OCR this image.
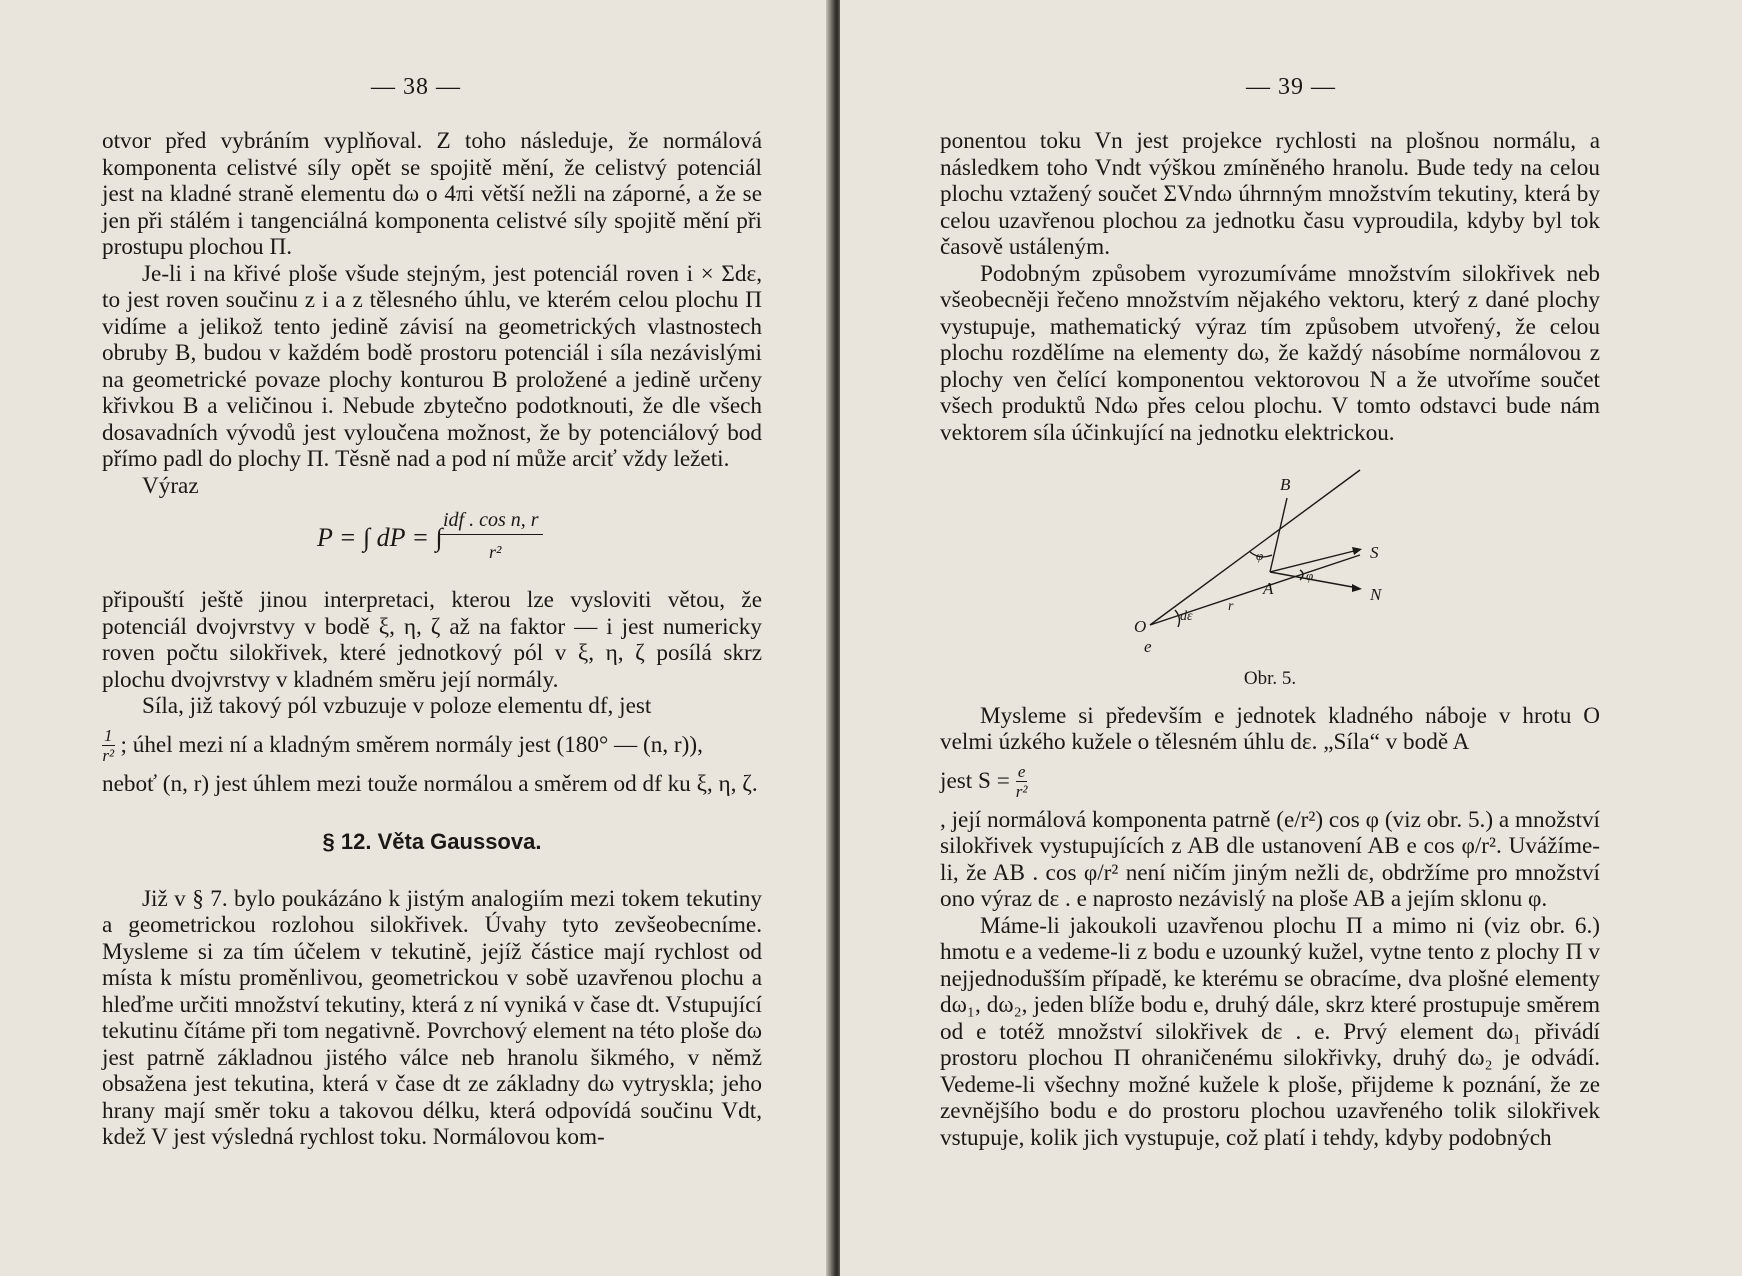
— 38 —

otvor před vybráním vyplňoval. Z toho následuje, že normálová komponenta celistvé síly opět se spojitě mění, že celistvý potenciál jest na kladné straně elementu dω o 4πi větší nežli na záporné, a že se jen při stálém i tangenciálná komponenta celistvé síly spojitě mění při prostupu plochou Π.

Je-li i na křivé ploše všude stejným, jest potenciál roven i × Σdε, to jest roven součinu z i a z tělesného úhlu, ve kterém celou plochu Π vidíme a jelikož tento jedině závisí na geometrických vlastnostech obruby B, budou v každém bodě prostoru potenciál i síla nezávislými na geometrické povaze plochy konturou B proložené a jedině určeny křivkou B a veličinou i. Nebude zbytečno podotknouti, že dle všech dosavadních vývodů jest vyloučena možnost, že by potenciálový bod přímo padl do plochy Π. Těsně nad a pod ní může arciť vždy ležeti.

Výraz

P = ∫ dP = ∫
idf . cos n, r
r²

připouští ještě jinou interpretaci, kterou lze vysloviti větou, že potenciál dvojvrstvy v bodě ξ, η, ζ až na faktor — i jest numericky roven počtu silokřivek, které jednotkový pól v ξ, η, ζ posílá skrz plochu dvojvrstvy v kladném směru její normály.

Síla, již takový pól vzbuzuje v poloze elementu df, jest

$\frac{1}{\text{r²}}$ ; úhel mezi ní a kladným směrem normály jest (180° — (n, r)),

neboť (n, r) jest úhlem mezi touže normálou a směrem od df ku ξ, η, ζ.

§ 12. Věta Gaussova.

Již v § 7. bylo poukázáno k jistým analogiím mezi tokem tekutiny a geometrickou rozlohou silokřivek. Úvahy tyto zevšeobecníme. Mysleme si za tím účelem v tekutině, jejíž částice mají rychlost od místa k místu proměnlivou, geometrickou v sobě uzavřenou plochu a hleďme určiti množství tekutiny, která z ní vyniká v čase dt. Vstupující tekutinu čítáme při tom negativně. Povrchový element na této ploše dω jest patrně základnou jistého válce neb hranolu šikmého, v němž obsažena jest tekutina, která v čase dt ze základny dω vytryskla; jeho hrany mají směr toku a takovou délku, která odpovídá součinu Vdt, kdež V jest výsledná rychlost toku. Normálovou kom-

— 39 —

ponentou toku Vn jest projekce rychlosti na plošnou normálu, a následkem toho Vndt výškou zmíněného hranolu. Bude tedy na celou plochu vztažený součet ΣVndω úhrnným množstvím tekutiny, která by celou uzavřenou plochou za jednotku času vyproudila, kdyby byl tok časově ustáleným.

Podobným způsobem vyrozumíváme množstvím silokřivek neb všeobecněji řečeno množstvím nějakého vektoru, který z dané plochy vystupuje, mathematický výraz tím způsobem utvořený, že celou plochu rozdělíme na elementy dω, že každý násobíme normálovou z plochy ven čelící komponentou vektorovou N a že utvoříme součet všech produktů Ndω přes celou plochu. V tomto odstavci bude nám vektorem síla účinkující na jednotku elektrickou.

B
S
N
A
O
e
φ
φ
dε
r
Obr. 5.

Mysleme si především e jednotek kladného náboje v hrotu O velmi úzkého kužele o tělesném úhlu dε. „Síla“ v bodě A

jest $S = \frac{e}{\text{r²}}$

, její normálová komponenta patrně (e/r²) cos φ (viz obr. 5.) a množství silokřivek vystupujících z AB dle ustanovení AB e cos φ/r². Uvážíme-li, že AB . cos φ/r² není ničím jiným nežli dε, obdržíme pro množství ono výraz dε . e naprosto nezávislý na ploše AB a jejím sklonu φ.

Máme-li jakoukoli uzavřenou plochu Π a mimo ni (viz obr. 6.) hmotu e a vedeme-li z bodu e uzounký kužel, vytne tento z plochy Π v nejjednodušším případě, ke kterému se obracíme, dva plošné elementy dω₁, dω₂, jeden blíže bodu e, druhý dále, skrz které prostupuje směrem od e totéž množství silokřivek dε . e. Prvý element dω₁ přivádí prostoru plochou Π ohraničenému silokřivky, druhý dω₂ je odvádí. Vedeme-li všechny možné kužele k ploše, přijdeme k poznání, že ze zevnějšího bodu e do prostoru plochou uzavřeného tolik silokřivek vstupuje, kolik jich vystupuje, což platí i tehdy, kdyby podobných
